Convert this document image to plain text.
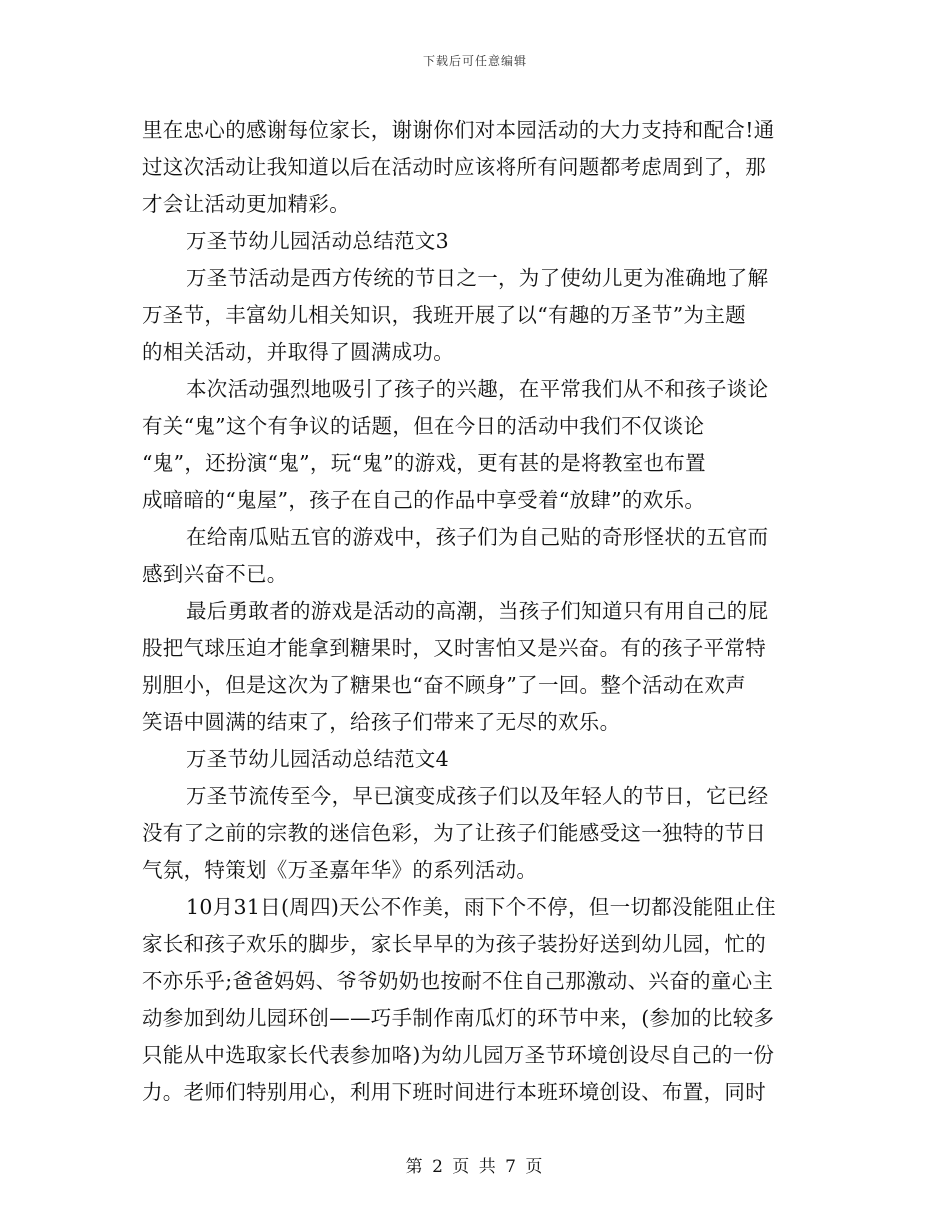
下载后可任意编辑
里在忠心的感谢每位家长，谢谢你们对本园活动的大力支持和配合!通
过这次活动让我知道以后在活动时应该将所有问题都考虑周到了，那
才会让活动更加精彩。
万圣节幼儿园活动总结范文3
万圣节活动是西方传统的节日之一，为了使幼儿更为准确地了解
万圣节，丰富幼儿相关知识，我班开展了以“有趣的万圣节”为主题
的相关活动，并取得了圆满成功。
本次活动强烈地吸引了孩子的兴趣，在平常我们从不和孩子谈论
有关“鬼”这个有争议的话题，但在今日的活动中我们不仅谈论
“鬼”，还扮演“鬼”，玩“鬼”的游戏，更有甚的是将教室也布置
成暗暗的“鬼屋”，孩子在自己的作品中享受着“放肆”的欢乐。
在给南瓜贴五官的游戏中，孩子们为自己贴的奇形怪状的五官而
感到兴奋不已。
最后勇敢者的游戏是活动的高潮，当孩子们知道只有用自己的屁
股把气球压迫才能拿到糖果时，又时害怕又是兴奋。有的孩子平常特
别胆小，但是这次为了糖果也“奋不顾身”了一回。整个活动在欢声
笑语中圆满的结束了，给孩子们带来了无尽的欢乐。
万圣节幼儿园活动总结范文4
万圣节流传至今，早已演变成孩子们以及年轻人的节日，它已经
没有了之前的宗教的迷信色彩，为了让孩子们能感受这一独特的节日
气氛，特策划《万圣嘉年华》的系列活动。
10月31日(周四)天公不作美，雨下个不停，但一切都没能阻止住
家长和孩子欢乐的脚步，家长早早的为孩子装扮好送到幼儿园，忙的
不亦乐乎;爸爸妈妈、爷爷奶奶也按耐不住自己那激动、兴奋的童心主
动参加到幼儿园环创——巧手制作南瓜灯的环节中来，(参加的比较多
只能从中选取家长代表参加咯)为幼儿园万圣节环境创设尽自己的一份
力。老师们特别用心，利用下班时间进行本班环境创设、布置，同时
第 2 页 共 7 页
